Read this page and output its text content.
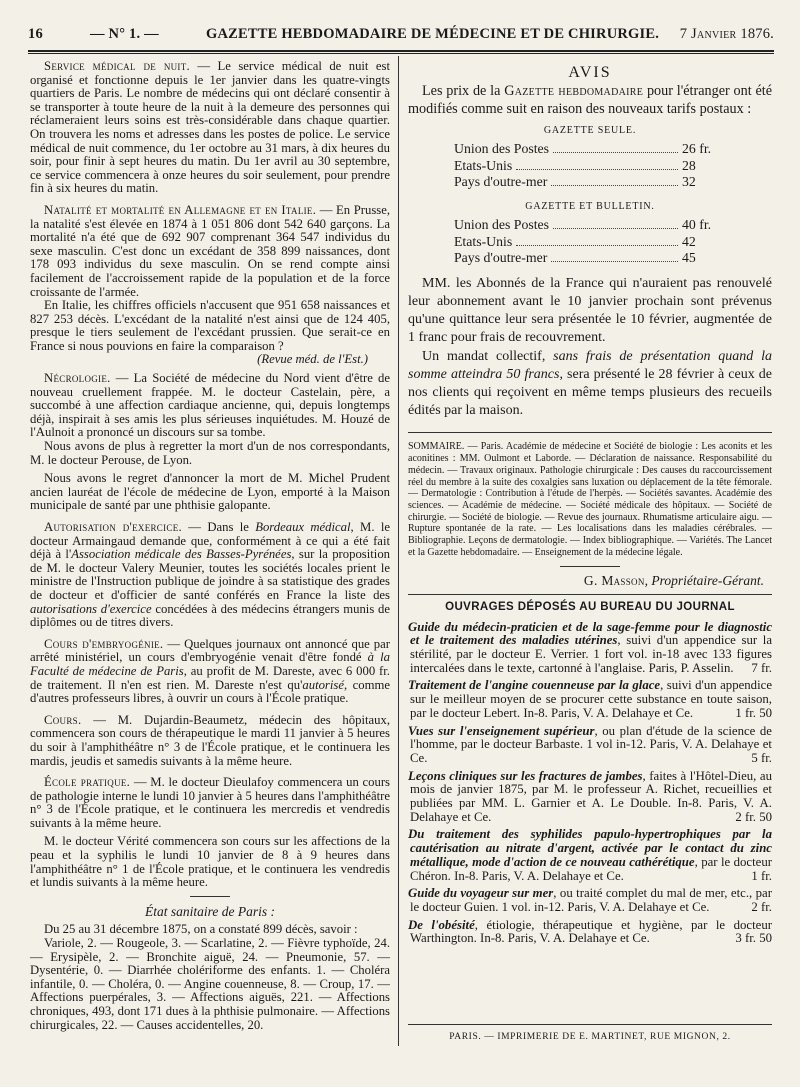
16	— N° 1. —	GAZETTE HEBDOMADAIRE DE MÉDECINE ET DE CHIRURGIE. 7 Janvier 1876.

Service médical de nuit. — Le service médical de nuit est organisé et fonctionne depuis le 1er janvier dans les quatre-vingts quartiers de Paris. Le nombre de médecins qui ont déclaré consentir à se transporter à toute heure de la nuit à la demeure des personnes qui réclameraient leurs soins est très-considérable dans chaque quartier. On trouvera les noms et adresses dans les postes de police. Le service médical de nuit commence, du 1er octobre au 31 mars, à dix heures du soir, pour finir à sept heures du matin. Du 1er avril au 30 septembre, ce service commencera à onze heures du soir seulement, pour prendre fin à six heures du matin.

Natalité et mortalité en Allemagne et en Italie. — En Prusse, la natalité s'est élevée en 1874 à 1 051 806 dont 542 640 garçons. La mortalité n'a été que de 692 907 comprenant 364 547 individus du sexe masculin. C'est donc un excédant de 358 899 naissances, dont 178 093 individus du sexe masculin. On se rend compte ainsi facilement de l'accroissement rapide de la population et de la force croissante de l'armée.

En Italie, les chiffres officiels n'accusent que 951 658 naissances et 827 253 décès. L'excédant de la natalité n'est ainsi que de 124 405, presque le tiers seulement de l'excédant prussien. Que serait-ce en France si nous pouvions en faire la comparaison ?

(Revue méd. de l'Est.)

Nécrologie. — La Société de médecine du Nord vient d'être de nouveau cruellement frappée. M. le docteur Castelain, père, a succombé à une affection cardiaque ancienne, qui, depuis longtemps déjà, inspirait à ses amis les plus sérieuses inquiétudes. M. Houzé de l'Aulnoit a prononcé un discours sur sa tombe.

Nous avons de plus à regretter la mort d'un de nos correspondants, M. le docteur Perouse, de Lyon.

Nous avons le regret d'annoncer la mort de M. Michel Prudent ancien lauréat de l'école de médecine de Lyon, emporté à la Maison municipale de santé par une phthisie galopante.

Autorisation d'exercice. — Dans le Bordeaux médical, M. le docteur Armaingaud demande que, conformément à ce qui a été fait déjà à l'Association médicale des Basses-Pyrénées, sur la proposition de M. le docteur Valery Meunier, toutes les sociétés locales prient le ministre de l'Instruction publique de joindre à sa statistique des grades de docteur et d'officier de santé conférés en France la liste des autorisations d'exercice concédées à des médecins étrangers munis de diplômes ou de titres divers.

Cours d'embryogénie. — Quelques journaux ont annoncé que par arrêté ministériel, un cours d'embryogénie venait d'être fondé à la Faculté de médecine de Paris, au profit de M. Dareste, avec 6 000 fr. de traitement. Il n'en est rien. M. Dareste n'est qu'autorisé, comme d'autres professeurs libres, à ouvrir un cours à l'École pratique.

Cours. — M. Dujardin-Beaumetz, médecin des hôpitaux, commencera son cours de thérapeutique le mardi 11 janvier à 5 heures du soir à l'amphithéâtre n° 3 de l'École pratique, et le continuera les mardis, jeudis et samedis suivants à la même heure.

École pratique. — M. le docteur Dieulafoy commencera un cours de pathologie interne le lundi 10 janvier à 5 heures dans l'amphithéâtre n° 3 de l'École pratique, et le continuera les mercredis et vendredis suivants à la même heure.

M. le docteur Vérité commencera son cours sur les affections de la peau et la syphilis le lundi 10 janvier de 8 à 9 heures dans l'amphithéâtre n° 1 de l'École pratique, et le continuera les vendredis et lundis suivants à la même heure.

État sanitaire de Paris :

Du 25 au 31 décembre 1875, on a constaté 899 décès, savoir :

Variole, 2. — Rougeole, 3. — Scarlatine, 2. — Fièvre typhoïde, 24. — Erysipèle, 2. — Bronchite aiguë, 24. — Pneumonie, 57. — Dysentérie, 0. — Diarrhée cholériforme des enfants. 1. — Choléra infantile, 0. — Choléra, 0. — Angine couenneuse, 8. — Croup, 17. — Affections puerpérales, 3. — Affections aiguës, 221. — Affections chroniques, 493, dont 171 dues à la phthisie pulmonaire. — Affections chirurgicales, 22. — Causes accidentelles, 20.

AVIS

Les prix de la Gazette hebdomadaire pour l'étranger ont été modifiés comme suit en raison des nouveaux tarifs postaux :

GAZETTE SEULE.
Union des Postes	26 fr.
Etats-Unis	28
Pays d'outre-mer	32
GAZETTE ET BULLETIN.
Union des Postes	40 fr.
Etats-Unis	42
Pays d'outre-mer	45

MM. les Abonnés de la France qui n'auraient pas renouvelé leur abonnement avant le 10 janvier prochain sont prévenus qu'une quittance leur sera présentée le 10 février, augmentée de 1 franc pour frais de recouvrement.

Un mandat collectif, sans frais de présentation quand la somme atteindra 50 francs, sera présenté le 28 février à ceux de nos clients qui reçoivent en même temps plusieurs des recueils édités par la maison.

SOMMAIRE. — Paris. Académie de médecine et Société de biologie : Les aconits et les aconitines : MM. Oulmont et Laborde. — Déclaration de naissance. Responsabilité du médecin. — Travaux originaux. Pathologie chirurgicale : Des causes du raccourcissement réel du membre à la suite des coxalgies sans luxation ou déplacement de la tête fémorale. — Dermatologie : Contribution à l'étude de l'herpès. — Sociétés savantes. Académie des sciences. — Académie de médecine. — Société médicale des hôpitaux. — Société de chirurgie. — Société de biologie. — Revue des journaux. Rhumatisme articulaire aigu. — Rupture spontanée de la rate. — Les localisations dans les maladies cérébrales. — Bibliographie. Leçons de dermatologie. — Index bibliographique. — Variétés. The Lancet et la Gazette hebdomadaire. — Enseignement de la médecine légale.

G. Masson, Propriétaire-Gérant.

OUVRAGES DÉPOSÉS AU BUREAU DU JOURNAL

Guide du médecin-praticien et de la sage-femme pour le diagnostic et le traitement des maladies utérines, suivi d'un appendice sur la stérilité, par le docteur E. Verrier. 1 fort vol. in-18 avec 133 figures intercalées dans le texte, cartonné à l'anglaise. Paris, P. Asselin. 7 fr.

Traitement de l'angine couenneuse par la glace, suivi d'un appendice sur le meilleur moyen de se procurer cette substance en toute saison, par le docteur Lebert. In-8. Paris, V. A. Delahaye et Ce.	1 fr. 50

Vues sur l'enseignement supérieur, ou plan d'étude de la science de l'homme, par le docteur Barbaste. 1 vol in-12. Paris, V. A. Delahaye et Ce.	5 fr.

Leçons cliniques sur les fractures de jambes, faites à l'Hôtel-Dieu, au mois de janvier 1875, par M. le professeur A. Richet, recueillies et publiées par MM. L. Garnier et A. Le Double. In-8. Paris, V. A. Delahaye et Ce.	2 fr. 50

Du traitement des syphilides papulo-hypertrophiques par la cautérisation au nitrate d'argent, activée par le contact du zinc métallique, mode d'action de ce nouveau cathérétique, par le docteur Chéron. In-8. Paris, V. A. Delahaye et Ce.	1 fr.

Guide du voyageur sur mer, ou traité complet du mal de mer, etc., par le docteur Guien. 1 vol. in-12. Paris, V. A. Delahaye et Ce.	2 fr.

De l'obésité, étiologie, thérapeutique et hygiène, par le docteur Warthington. In-8. Paris, V. A. Delahaye et Ce.	3 fr. 50

PARIS. — IMPRIMERIE DE E. MARTINET, RUE MIGNON, 2.
